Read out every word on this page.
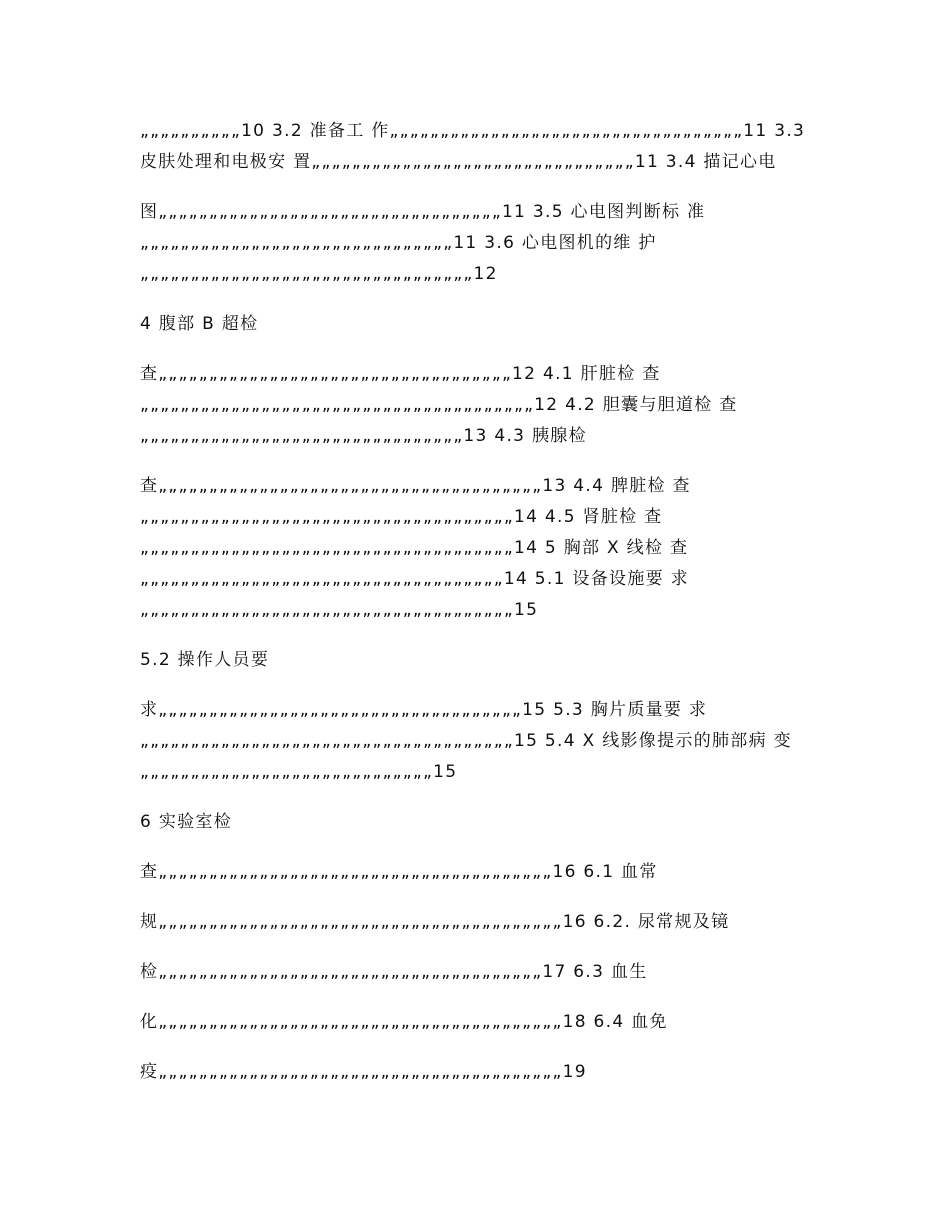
„„„„„„„„„„10 3.2 准备工 作„„„„„„„„„„„„„„„„„„„„„„„„„„„„„„„„„„„11 3.3 皮肤处理和电极安 置„„„„„„„„„„„„„„„„„„„„„„„„„„„„„„„„11 3.4 描记心电

图„„„„„„„„„„„„„„„„„„„„„„„„„„„„„„„„„„11 3.5 心电图判断标 准„„„„„„„„„„„„„„„„„„„„„„„„„„„„„„„11 3.6 心电图机的维 护„„„„„„„„„„„„„„„„„„„„„„„„„„„„„„„„„12

4 腹部 B 超检

查„„„„„„„„„„„„„„„„„„„„„„„„„„„„„„„„„„„12 4.1 肝脏检 查„„„„„„„„„„„„„„„„„„„„„„„„„„„„„„„„„„„„„„„12 4.2 胆囊与胆道检 查„„„„„„„„„„„„„„„„„„„„„„„„„„„„„„„„13 4.3 胰腺检

查„„„„„„„„„„„„„„„„„„„„„„„„„„„„„„„„„„„„„„13 4.4 脾脏检 查„„„„„„„„„„„„„„„„„„„„„„„„„„„„„„„„„„„„„14 4.5 肾脏检 查„„„„„„„„„„„„„„„„„„„„„„„„„„„„„„„„„„„„„14 5 胸部 X 线检 查„„„„„„„„„„„„„„„„„„„„„„„„„„„„„„„„„„„„14 5.1 设备设施要 求„„„„„„„„„„„„„„„„„„„„„„„„„„„„„„„„„„„„„15

5.2 操作人员要

求„„„„„„„„„„„„„„„„„„„„„„„„„„„„„„„„„„„„15 5.3 胸片质量要 求„„„„„„„„„„„„„„„„„„„„„„„„„„„„„„„„„„„„„15 5.4 X 线影像提示的肺部病 变„„„„„„„„„„„„„„„„„„„„„„„„„„„„„15

6 实验室检

查„„„„„„„„„„„„„„„„„„„„„„„„„„„„„„„„„„„„„„„16 6.1 血常

规„„„„„„„„„„„„„„„„„„„„„„„„„„„„„„„„„„„„„„„„16 6.2. 尿常规及镜

检„„„„„„„„„„„„„„„„„„„„„„„„„„„„„„„„„„„„„„17 6.3 血生

化„„„„„„„„„„„„„„„„„„„„„„„„„„„„„„„„„„„„„„„„18 6.4 血免

疫„„„„„„„„„„„„„„„„„„„„„„„„„„„„„„„„„„„„„„„„19
